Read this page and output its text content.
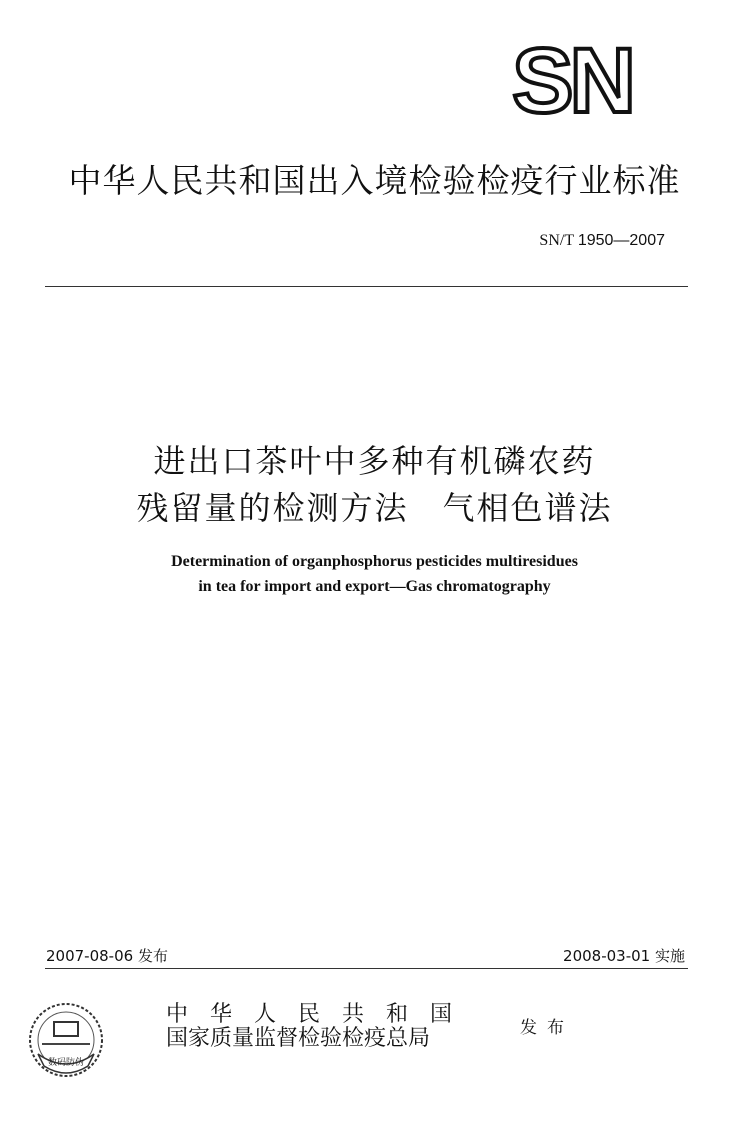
SN
中华人民共和国出入境检验检疫行业标准
SN/T 1950—2007
进出口茶叶中多种有机磷农药
残留量的检测方法　气相色谱法
Determination of organphosphorus pesticides multiresidues
in tea for import and export—Gas chromatography
2007-08-06 发布	2008-03-01 实施
数码防伪
中华人民共和国
国家质量监督检验检疫总局	发布
